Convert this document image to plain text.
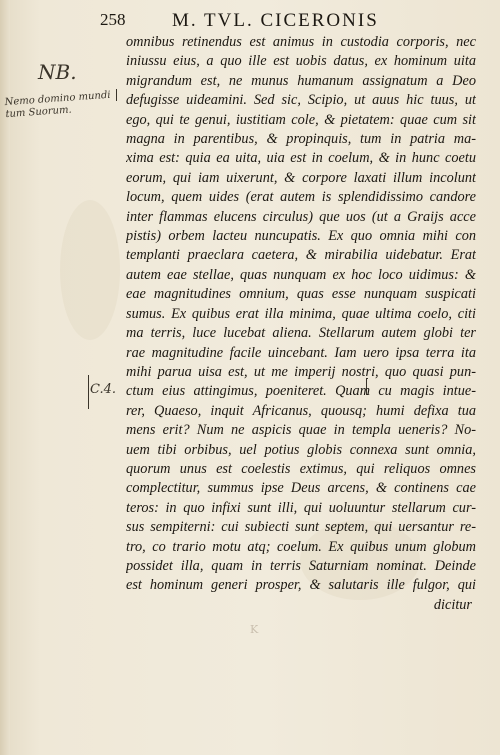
258 M. TVL. CICERONIS
NB.
Nemo domino mundi tum Suorum.
C.4.
omnibus retinendus est animus in custodia corporis, nec
iniussu eius, a quo ille est uobis datus, ex hominum uita
migrandum est, ne munus humanum assignatum a Deo
defugisse uideamini. Sed sic, Scipio, ut auus hic tuus, ut
ego, qui te genui, iustitiam cole, & pietatem: quae cum sit
magna in parentibus, & propinquis, tum in patria ma-
xima est: quia ea uita, uia est in coelum, & in hunc coetu
eorum, qui iam uixerunt, & corpore laxati illum incolunt
locum, quem uides (erat autem is splendidissimo candore
inter flammas elucens circulus) que uos (ut a Graijs acce
pistis) orbem lacteu nuncupatis. Ex quo omnia mihi con
templanti praeclara caetera, & mirabilia uidebatur. Erat
autem eae stellae, quas nunquam ex hoc loco uidimus: &
eae magnitudines omnium, quas esse nunquam suspicati
sumus. Ex quibus erat illa minima, quae ultima coelo, citi
ma terris, luce lucebat aliena. Stellarum autem globi ter
rae magnitudine facile uincebant. Iam uero ipsa terra ita
mihi parua uisa est, ut me imperij nostri, quo quasi pun-
ctum eius attingimus, poeniteret. Quam cu magis intue-
rer, Quaeso, inquit Africanus, quousq; humi defixa tua
mens erit? Num ne aspicis quae in templa ueneris? No-
uem tibi orbibus, uel potius globis connexa sunt omnia,
quorum unus est coelestis extimus, qui reliquos omnes
complectitur, summus ipse Deus arcens, & continens cae
teros: in quo infixi sunt illi, qui uoluuntur stellarum cur-
sus sempiterni: cui subiecti sunt septem, qui uersantur re-
tro, co trario motu atq; coelum. Ex quibus unum globum
possidet illa, quam in terris Saturniam nominat. Deinde
est hominum generi prosper, & salutaris ille fulgor, qui
dicitur
K
